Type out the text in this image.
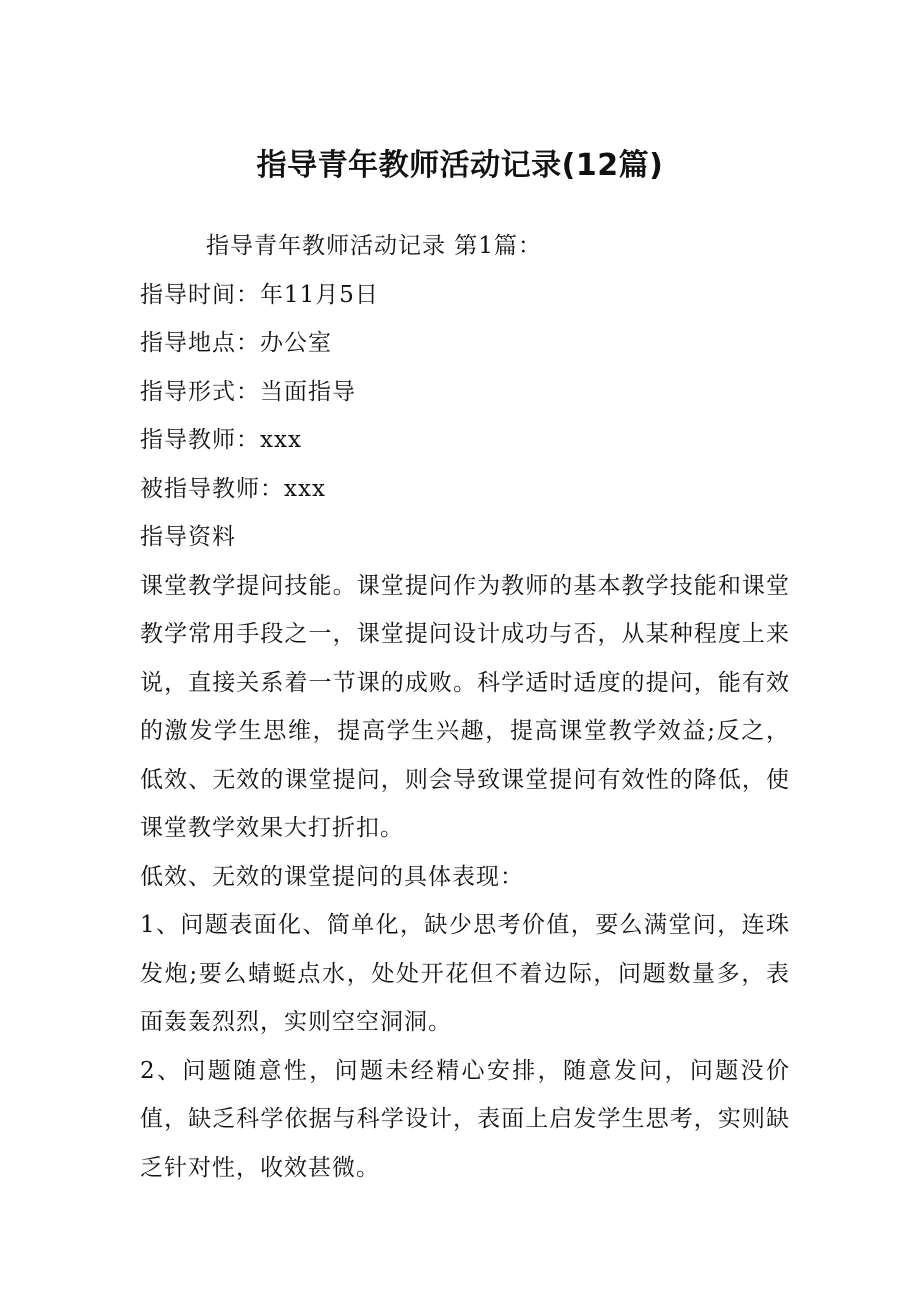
指导青年教师活动记录(12篇)

指导青年教师活动记录 第1篇：

指导时间：年11月5日

指导地点：办公室

指导形式：当面指导

指导教师：xxx

被指导教师：xxx

指导资料

课堂教学提问技能。课堂提问作为教师的基本教学技能和课堂教学常用手段之一，课堂提问设计成功与否，从某种程度上来说，直接关系着一节课的成败。科学适时适度的提问，能有效的激发学生思维，提高学生兴趣，提高课堂教学效益;反之，低效、无效的课堂提问，则会导致课堂提问有效性的降低，使课堂教学效果大打折扣。

低效、无效的课堂提问的具体表现：

1、问题表面化、简单化，缺少思考价值，要么满堂问，连珠发炮;要么蜻蜓点水，处处开花但不着边际，问题数量多，表面轰轰烈烈，实则空空洞洞。

2、问题随意性，问题未经精心安排，随意发问，问题没价值，缺乏科学依据与科学设计，表面上启发学生思考，实则缺乏针对性，收效甚微。
